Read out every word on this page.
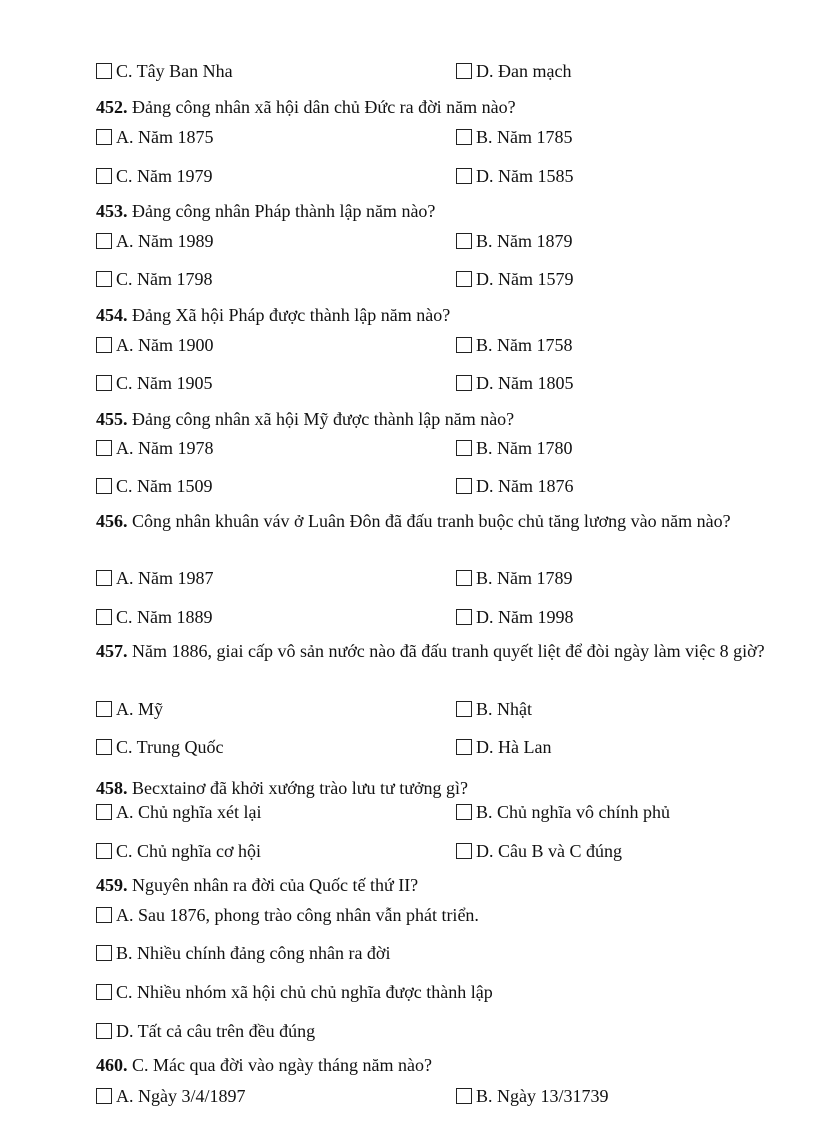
C. Tây Ban Nha	D. Đan mạch
452. Đảng công nhân xã hội dân chủ Đức ra đời năm nào?
A. Năm 1875	B. Năm 1785
C. Năm 1979	D. Năm 1585
453. Đảng công nhân Pháp thành lập năm nào?
A. Năm 1989	B. Năm 1879
C. Năm 1798	D. Năm 1579
454. Đảng Xã hội Pháp được thành lập năm nào?
A. Năm 1900	B. Năm 1758
C. Năm 1905	D. Năm 1805
455. Đảng công nhân xã hội Mỹ được thành lập năm nào?
A. Năm 1978	B. Năm 1780
C. Năm 1509	D. Năm 1876
456. Công nhân khuân váv ở Luân Đôn đã đấu tranh buộc chủ tăng lương vào năm nào?
A. Năm 1987	B. Năm 1789
C. Năm 1889	D. Năm 1998
457. Năm 1886, giai cấp vô sản nước nào đã đấu tranh quyết liệt để đòi ngày làm việc 8 giờ?
A. Mỹ	B. Nhật
C. Trung Quốc	D. Hà Lan
458. Becxtainơ đã khởi xướng trào lưu tư tưởng gì?
A. Chủ nghĩa xét lại	B. Chủ nghĩa vô chính phủ
C. Chủ nghĩa cơ hội	D. Câu B và C đúng
459. Nguyên nhân ra đời của Quốc tế thứ II?
A. Sau 1876, phong trào công nhân vẫn phát triển.
B. Nhiều chính đảng công nhân ra đời
C. Nhiều nhóm xã hội chủ chủ nghĩa được thành lập
D. Tất cả câu trên đều đúng
460. C. Mác qua đời vào ngày tháng năm nào?
A. Ngày 3/4/1897	B. Ngày 13/31739
